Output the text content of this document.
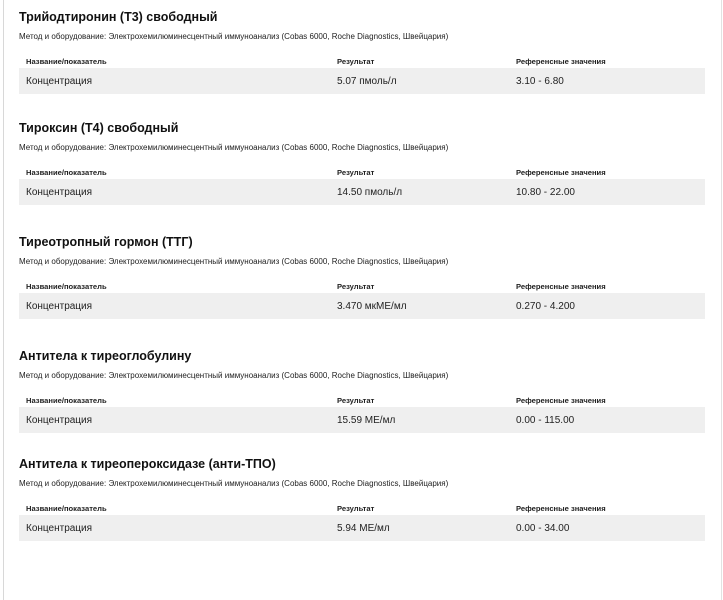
Трийодтиронин (Т3) свободный
Метод и оборудование: Электрохемилюминесцентный иммуноанализ (Cobas 6000, Roche Diagnostics, Швейцария)
Название/показатель	Результат	Референсные значения
Концентрация	5.07 пмоль/л	3.10 - 6.80
Тироксин (Т4) свободный
Метод и оборудование: Электрохемилюминесцентный иммуноанализ (Cobas 6000, Roche Diagnostics, Швейцария)
Название/показатель	Результат	Референсные значения
Концентрация	14.50 пмоль/л	10.80 - 22.00
Тиреотропный гормон (ТТГ)
Метод и оборудование: Электрохемилюминесцентный иммуноанализ (Cobas 6000, Roche Diagnostics, Швейцария)
Название/показатель	Результат	Референсные значения
Концентрация	3.470 мкМЕ/мл	0.270 - 4.200
Антитела к тиреоглобулину
Метод и оборудование: Электрохемилюминесцентный иммуноанализ (Cobas 6000, Roche Diagnostics, Швейцария)
Название/показатель	Результат	Референсные значения
Концентрация	15.59 МЕ/мл	0.00 - 115.00
Антитела к тиреопероксидазе (анти-ТПО)
Метод и оборудование: Электрохемилюминесцентный иммуноанализ (Cobas 6000, Roche Diagnostics, Швейцария)
Название/показатель	Результат	Референсные значения
Концентрация	5.94 МЕ/мл	0.00 - 34.00
